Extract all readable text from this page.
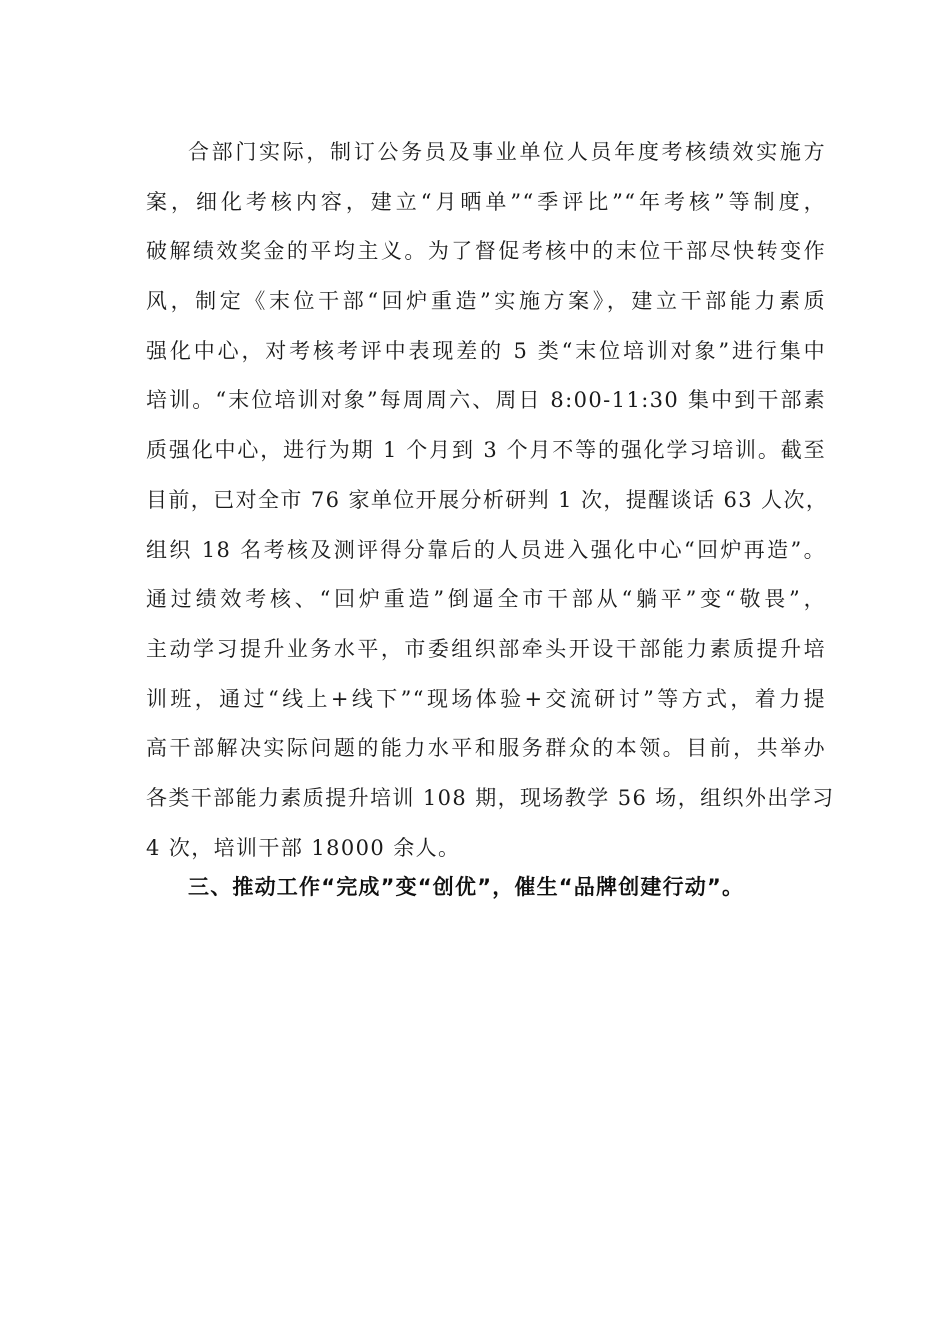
合部门实际，制订公务员及事业单位人员年度考核绩效实施方
案，细化考核内容，建立“月晒单”“季评比”“年考核”等制度，
破解绩效奖金的平均主义。为了督促考核中的末位干部尽快转变作
风，制定《末位干部“回炉重造”实施方案》，建立干部能力素质
强化中心，对考核考评中表现差的 5 类“末位培训对象”进行集中
培训。“末位培训对象”每周周六、周日 8:00-11:30 集中到干部素
质强化中心，进行为期 1 个月到 3 个月不等的强化学习培训。截至
目前，已对全市 76 家单位开展分析研判 1 次，提醒谈话 63 人次，
组织 18 名考核及测评得分靠后的人员进入强化中心“回炉再造”。
通过绩效考核、“回炉重造”倒逼全市干部从“躺平”变“敬畏”，
主动学习提升业务水平，市委组织部牵头开设干部能力素质提升培
训班，通过“线上+线下”“现场体验+交流研讨”等方式，着力提
高干部解决实际问题的能力水平和服务群众的本领。目前，共举办
各类干部能力素质提升培训 108 期，现场教学 56 场，组织外出学习
4 次，培训干部 18000 余人。
三、推动工作“完成”变“创优”，催生“品牌创建行动”。
